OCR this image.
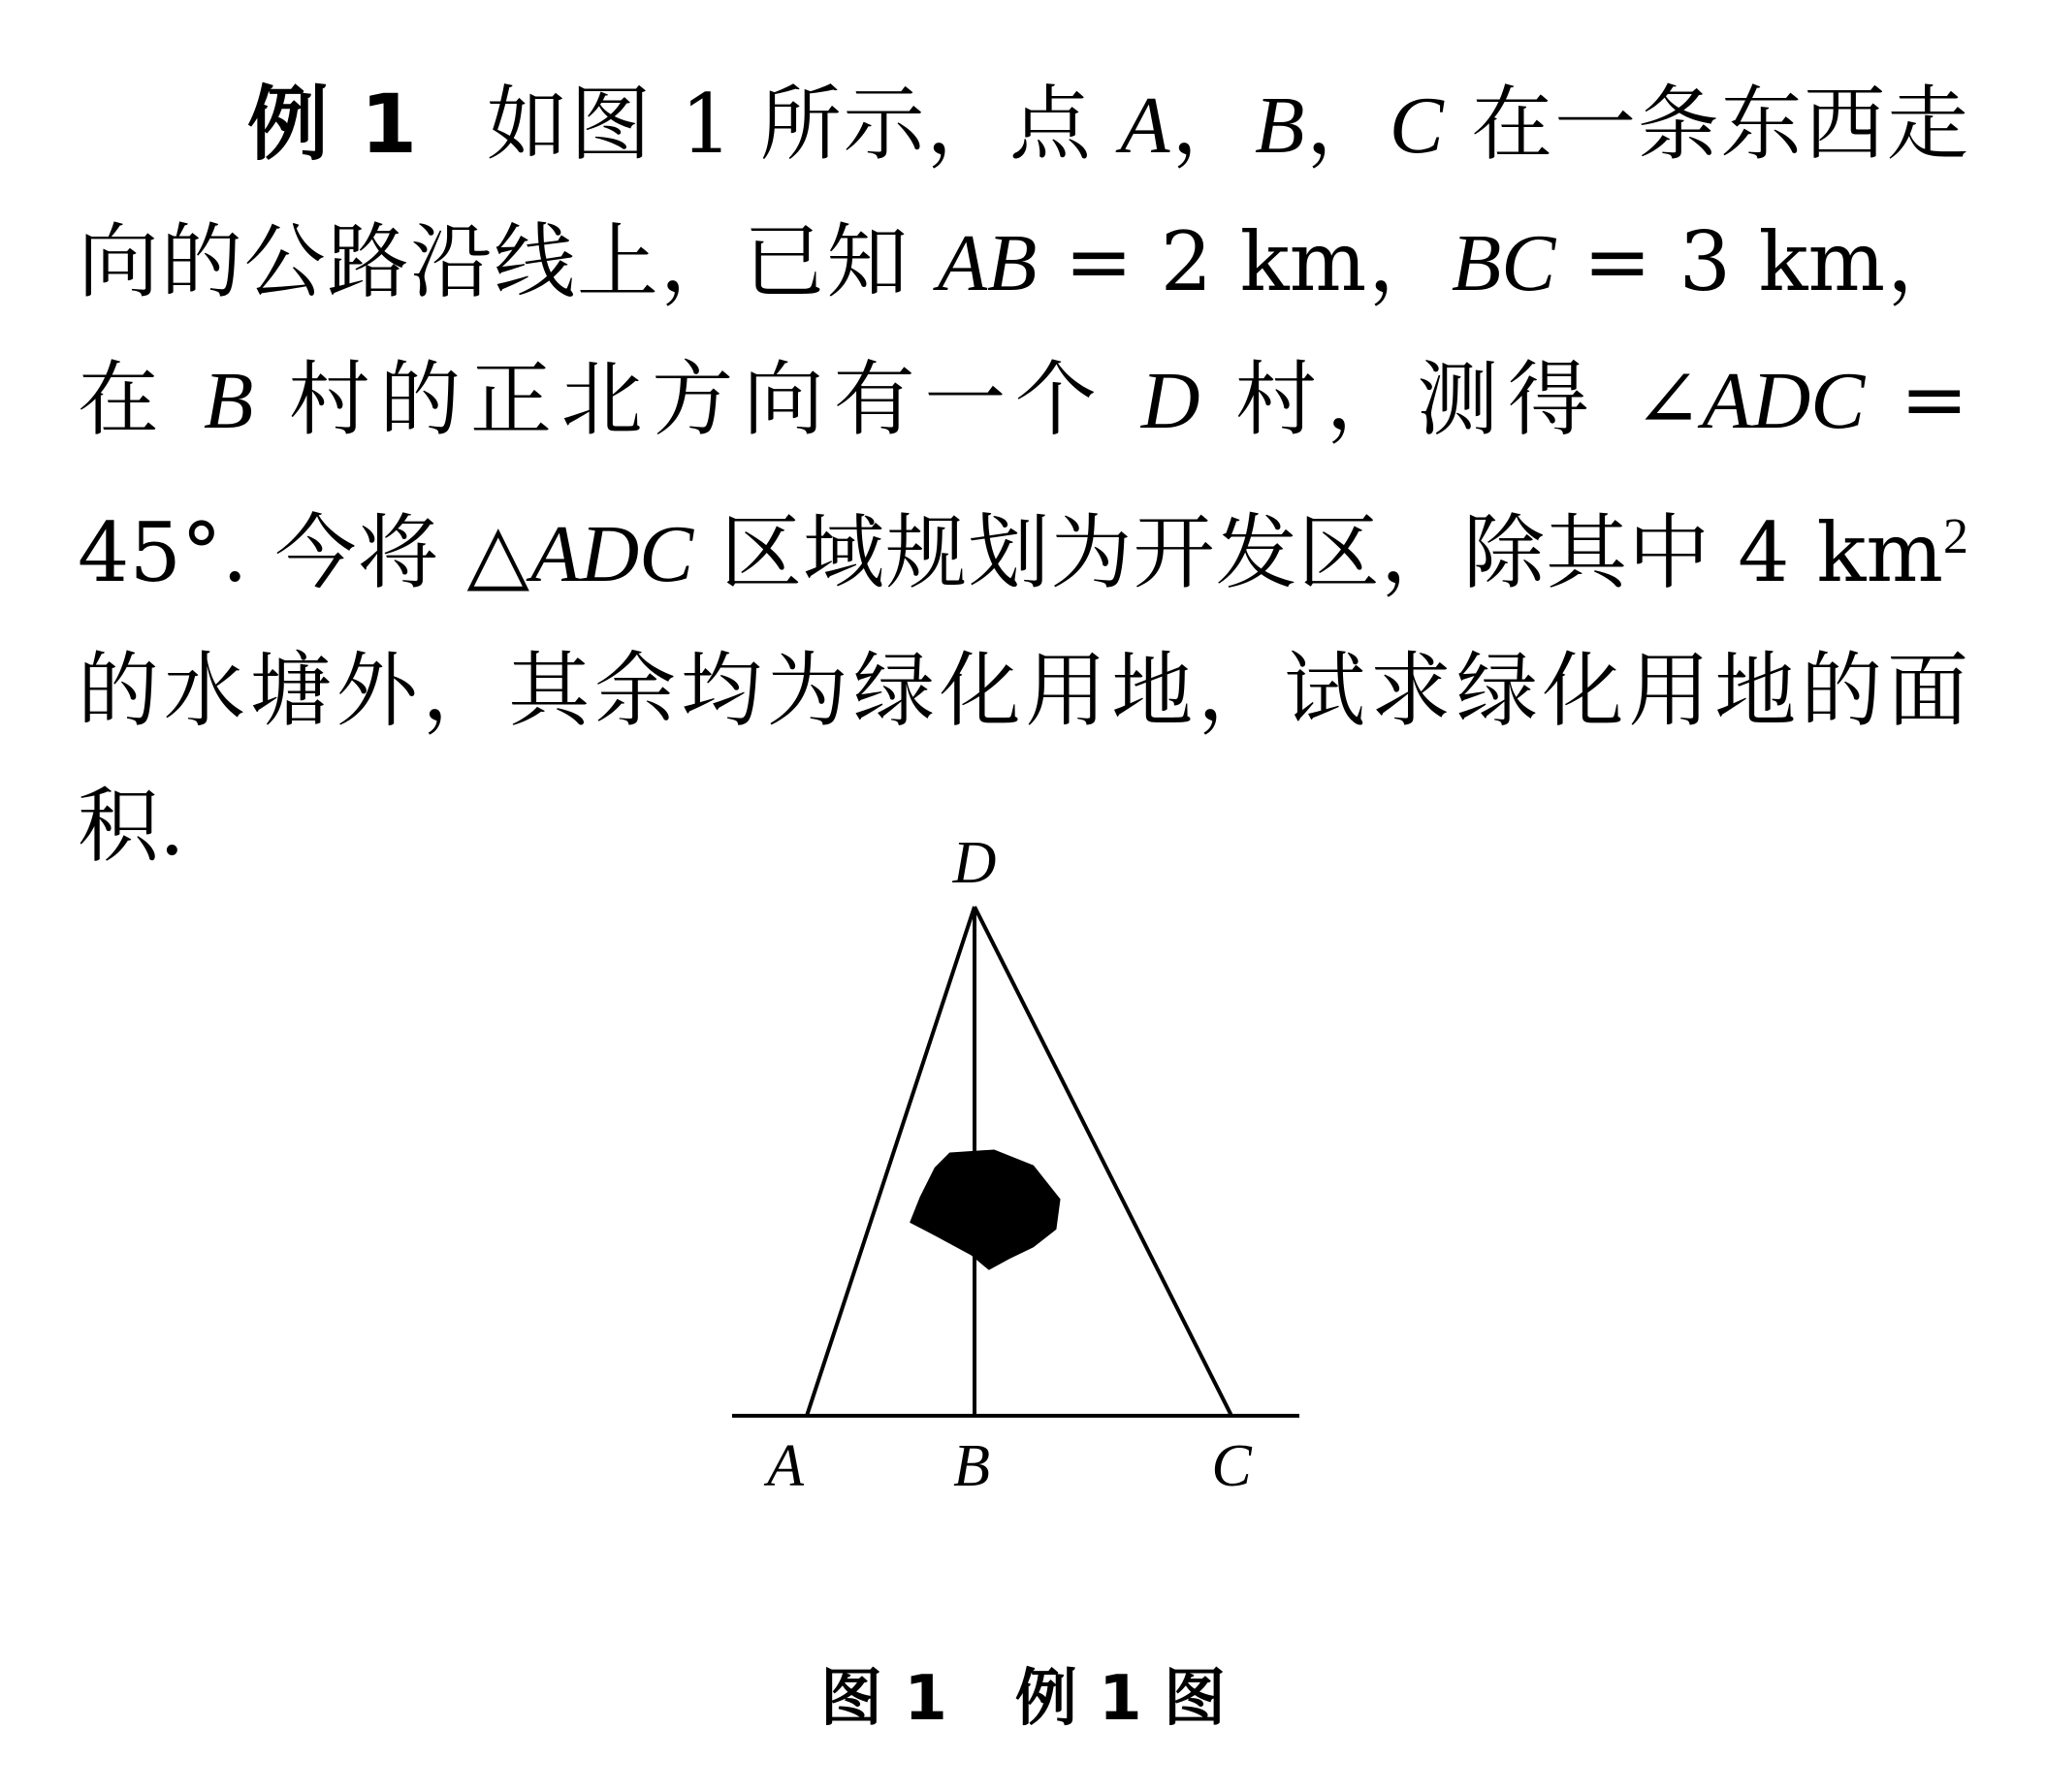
例 1 如图 1 所示，点 A，B，C 在一条东西走向的公路沿线上，已知 AB = 2 km，BC = 3 km，在 B 村的正北方向有一个 D 村，测得 ∠ADC = 45°. 今将 △ADC 区域规划为开发区，除其中 4 $km^2$ 的水塘外，其余均为绿化用地，试求绿化用地的面积.	D
A B	C
图 1 例 1 图
